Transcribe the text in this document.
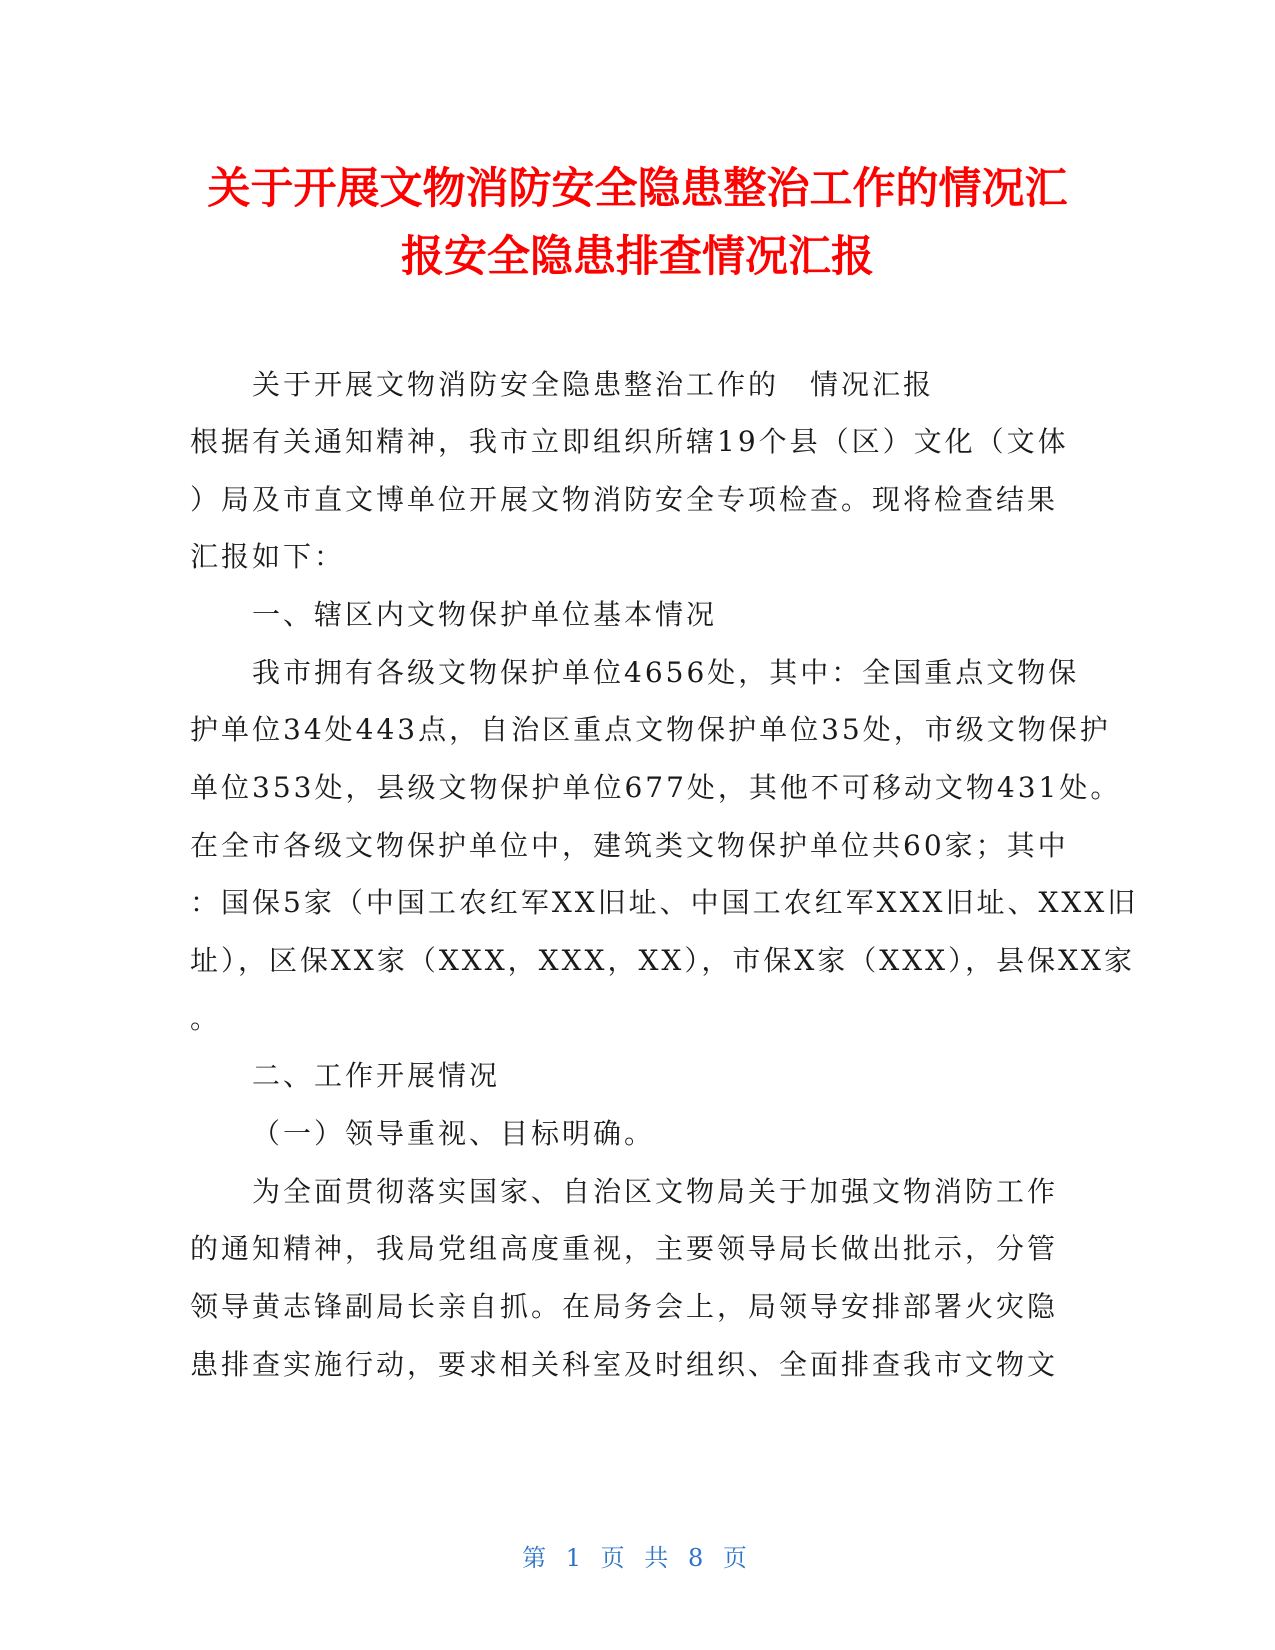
关于开展文物消防安全隐患整治工作的情况汇
报安全隐患排查情况汇报
关于开展文物消防安全隐患整治工作的　情况汇报
根据有关通知精神，我市立即组织所辖19个县（区）文化（文体
）局及市直文博单位开展文物消防安全专项检查。现将检查结果
汇报如下：
一、辖区内文物保护单位基本情况
我市拥有各级文物保护单位4656处，其中：全国重点文物保
护单位34处443点，自治区重点文物保护单位35处，市级文物保护
单位353处，县级文物保护单位677处，其他不可移动文物431处。
在全市各级文物保护单位中，建筑类文物保护单位共60家；其中
：国保5家（中国工农红军XX旧址、中国工农红军XXX旧址、XXX旧
址），区保XX家（XXX，XXX，XX），市保X家（XXX），县保XX家
。
二、工作开展情况
（一）领导重视、目标明确。
为全面贯彻落实国家、自治区文物局关于加强文物消防工作
的通知精神，我局党组高度重视，主要领导局长做出批示，分管
领导黄志锋副局长亲自抓。在局务会上，局领导安排部署火灾隐
患排查实施行动，要求相关科室及时组织、全面排查我市文物文
第 1 页 共 8 页
